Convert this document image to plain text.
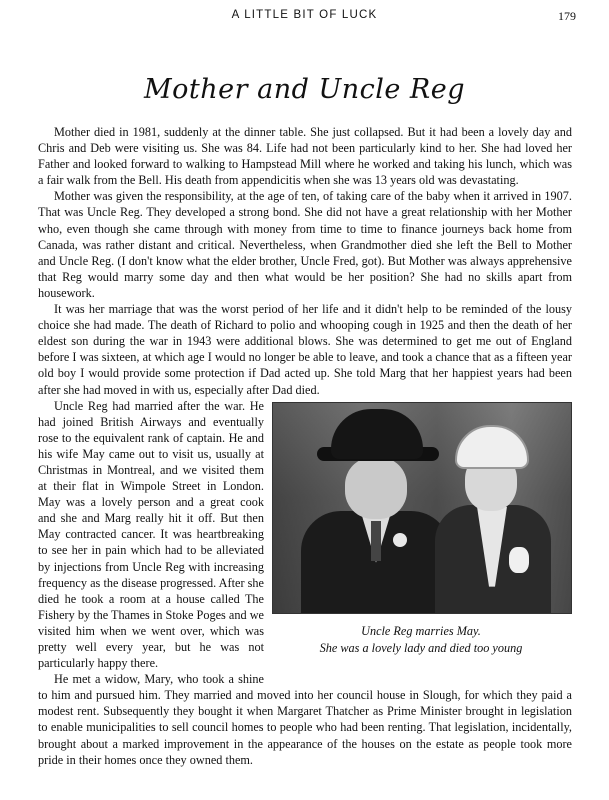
A LITTLE BIT OF LUCK	179
Mother and Uncle Reg

Mother died in 1981, suddenly at the dinner table. She just collapsed. But it had been a lovely day and Chris and Deb were visiting us. She was 84. Life had not been particularly kind to her. She had loved her Father and looked forward to walking to Hampstead Mill where he worked and taking his lunch, which was a fair walk from the Bell. His death from appendicitis when she was 13 years old was devastating.

Mother was given the responsibility, at the age of ten, of taking care of the baby when it arrived in 1907. That was Uncle Reg. They developed a strong bond. She did not have a great relationship with her Mother who, even though she came through with money from time to time to finance journeys back home from Canada, was rather distant and critical. Nevertheless, when Grandmother died she left the Bell to Mother and Uncle Reg. (I don't know what the elder brother, Uncle Fred, got). But Mother was always apprehensive that Reg would marry some day and then what would be her position? She had no skills apart from housework.

It was her marriage that was the worst period of her life and it didn't help to be reminded of the lousy choice she had made. The death of Richard to polio and whooping cough in 1925 and then the death of her eldest son during the war in 1943 were additional blows. She was determined to get me out of England before I was sixteen, at which age I would no longer be able to leave, and took a chance that as a fifteen year old boy I would provide some protection if Dad acted up. She told Marg that her happiest years had been after she had moved in with us, especially after Dad died.

Uncle Reg marries May.
She was a lovely lady and died too young

Uncle Reg had married after the war. He had joined British Airways and eventually rose to the equivalent rank of captain. He and his wife May came out to visit us, usually at Christmas in Montreal, and we visited them at their flat in Wimpole Street in London. May was a lovely person and a great cook and she and Marg really hit it off. But then May contracted cancer. It was heartbreaking to see her in pain which had to be alleviated by injections from Uncle Reg with increasing frequency as the disease progressed. After she died he took a room at a house called The Fishery by the Thames in Stoke Poges and we visited him when we went over, which was pretty well every year, but he was not particularly happy there.

He met a widow, Mary, who took a shine to him and pursued him. They married and moved into her council house in Slough, for which they paid a modest rent. Subsequently they bought it when Margaret Thatcher as Prime Minister brought in legislation to enable municipalities to sell council homes to people who had been renting. That legislation, incidentally, brought about a marked improvement in the appearance of the houses on the estate as people took more pride in their homes once they owned them.
